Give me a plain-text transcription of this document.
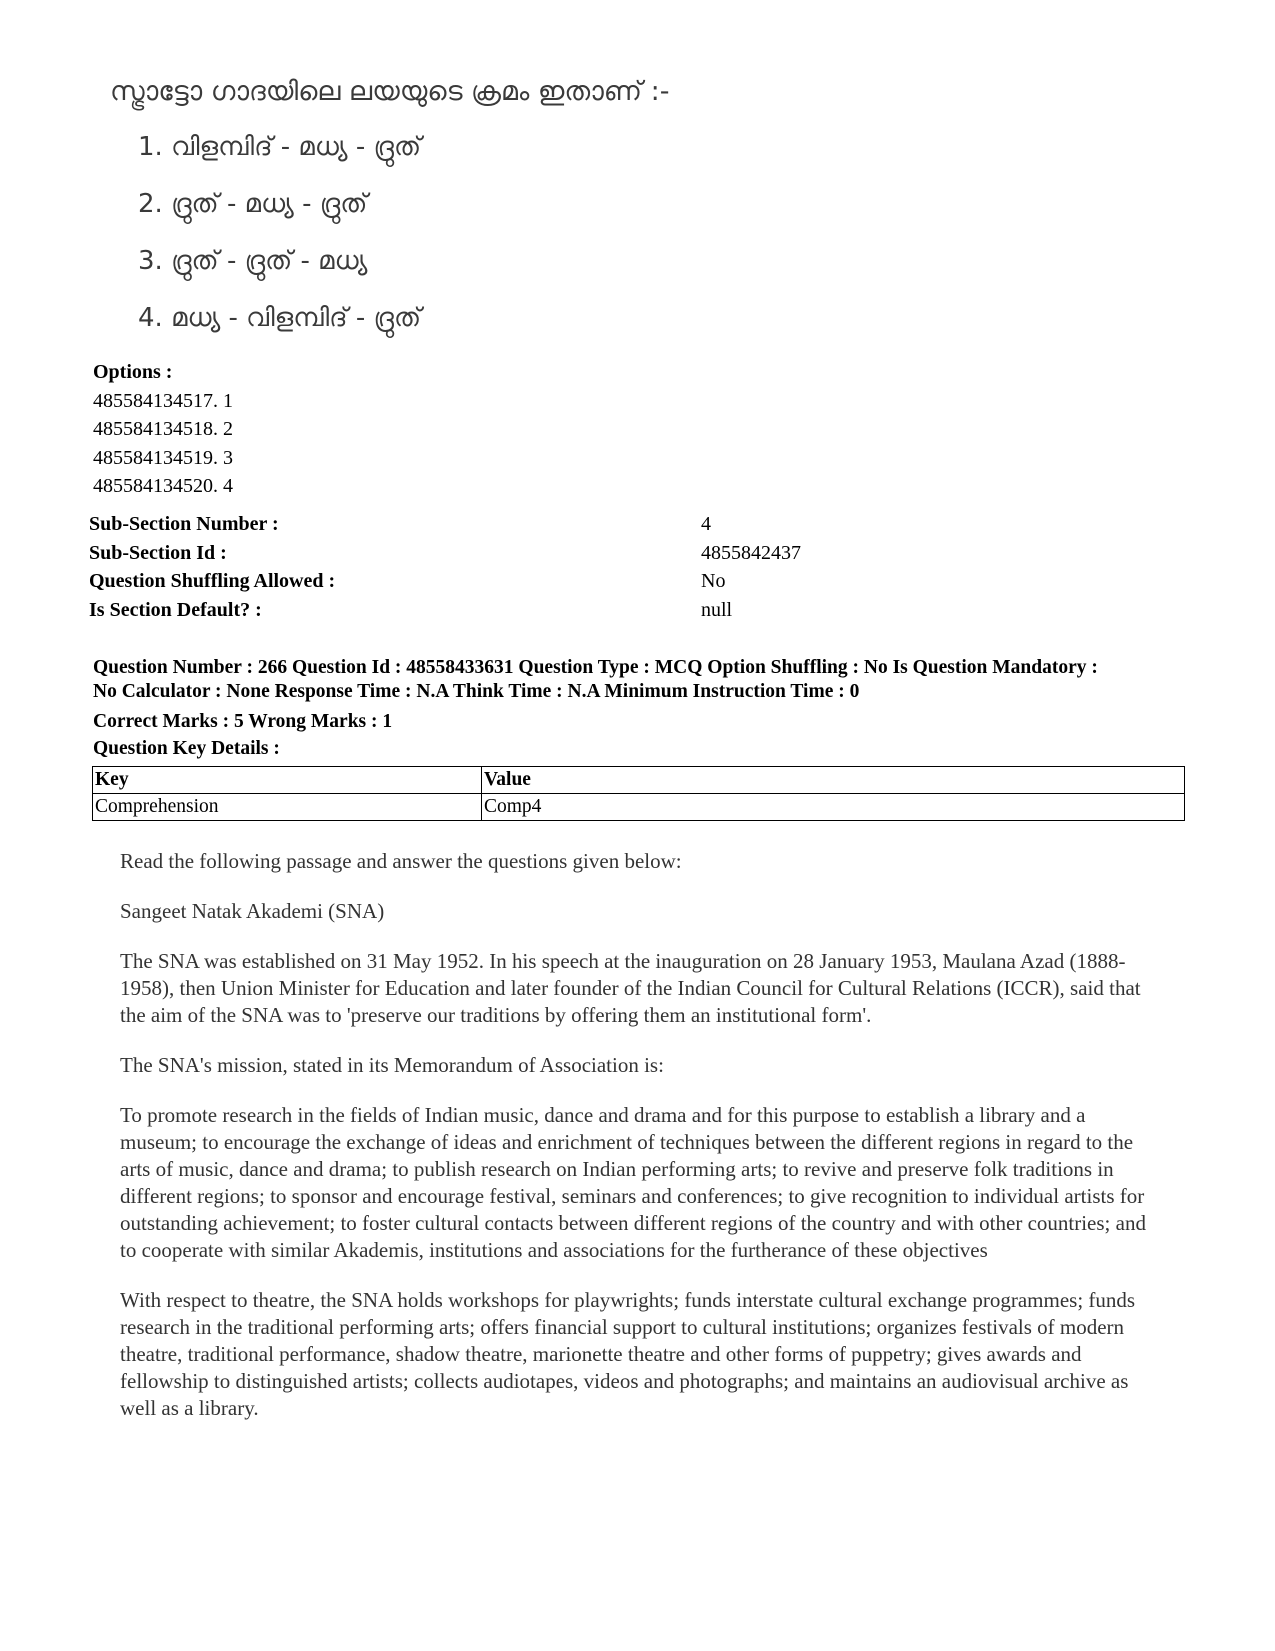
സ്ട്രാട്ടോ ഗാദയിലെ ലയയുടെ ക്രമം ഇതാണ് :-
1. വിളമ്പിദ് - മധ്യ - ദ്രുത്
2. ദ്രുത് - മധ്യ - ദ്രുത്
3. ദ്രുത് - ദ്രുത് - മധ്യ
4. മധ്യ - വിളമ്പിദ് - ദ്രുത്
Options :
485584134517. 1
485584134518. 2
485584134519. 3
485584134520. 4
Sub-Section Number :	4
Sub-Section Id :	4855842437
Question Shuffling Allowed :	No
Is Section Default? :	null
Question Number : 266 Question Id : 48558433631 Question Type : MCQ Option Shuffling : No Is Question Mandatory :
No Calculator : None Response Time : N.A Think Time : N.A Minimum Instruction Time : 0
Correct Marks : 5 Wrong Marks : 1
Question Key Details :
Key	Value
Comprehension	Comp4

Read the following passage and answer the questions given below:

Sangeet Natak Akademi (SNA)

The SNA was established on 31 May 1952. In his speech at the inauguration on 28 January 1953, Maulana Azad (1888-1958), then Union Minister for Education and later founder of the Indian Council for Cultural Relations (ICCR), said that the aim of the SNA was to 'preserve our traditions by offering them an institutional form'.

The SNA's mission, stated in its Memorandum of Association is:

To promote research in the fields of Indian music, dance and drama and for this purpose to establish a library and a museum; to encourage the exchange of ideas and enrichment of techniques between the different regions in regard to the arts of music, dance and drama; to publish research on Indian performing arts; to revive and preserve folk traditions in different regions; to sponsor and encourage festival, seminars and conferences; to give recognition to individual artists for outstanding achievement; to foster cultural contacts between different regions of the country and with other countries; and to cooperate with similar Akademis, institutions and associations for the furtherance of these objectives

With respect to theatre, the SNA holds workshops for playwrights; funds interstate cultural exchange programmes; funds research in the traditional performing arts; offers financial support to cultural institutions; organizes festivals of modern theatre, traditional performance, shadow theatre, marionette theatre and other forms of puppetry; gives awards and fellowship to distinguished artists; collects audiotapes, videos and photographs; and maintains an audiovisual archive as well as a library.
